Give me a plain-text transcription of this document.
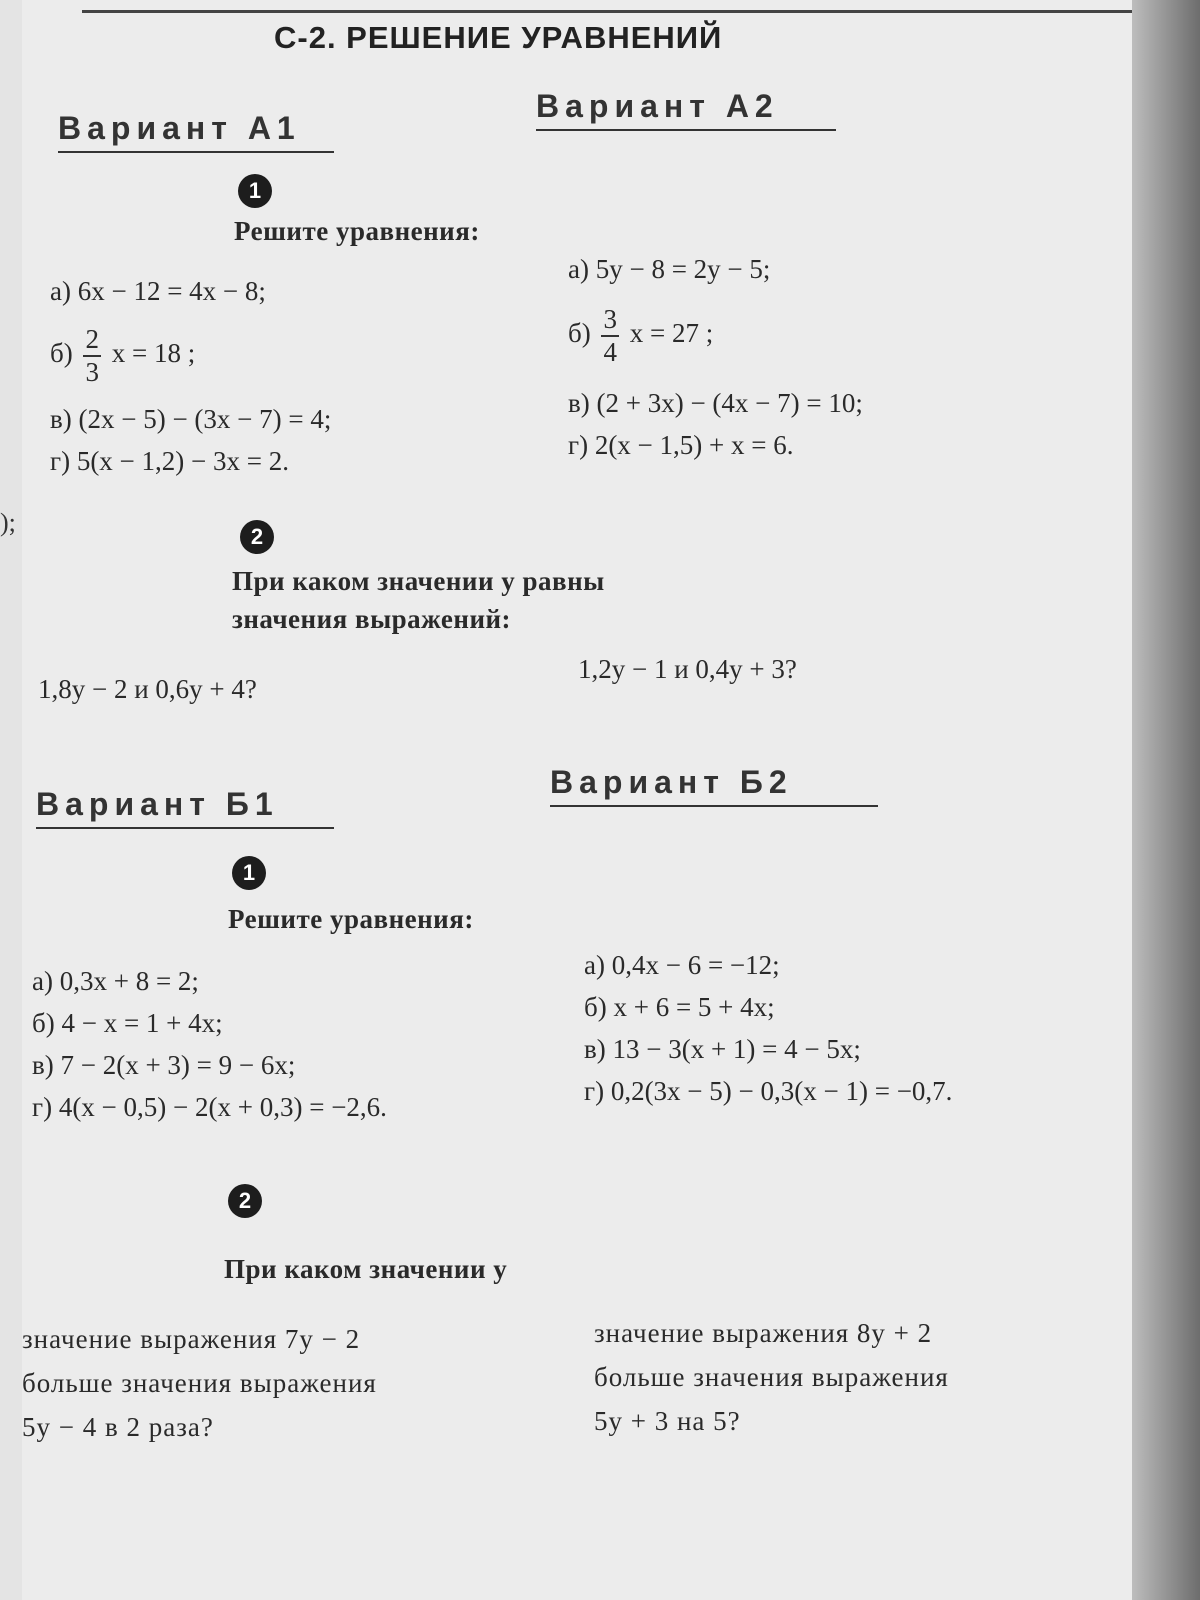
);
С-2. РЕШЕНИЕ УРАВНЕНИЙ
Вариант А1
1
Решите уравнения:
а) 6x − 12 = 4x − 8;
$б) \frac{2}{3}$ x = 18 ;
в) (2x − 5) − (3x − 7) = 4;
г) 5(x − 1,2) − 3x = 2.
Вариант А2
а) 5y − 8 = 2y − 5;
$б) \frac{3}{4}$ x = 27 ;
в) (2 + 3x) − (4x − 7) = 10;
г) 2(x − 1,5) + x = 6.
2
При каком значении y равны
значения выражений:
1,8y − 2 и 0,6y + 4?
1,2y − 1 и 0,4y + 3?
Вариант Б1
1
Решите уравнения:
а) 0,3x + 8 = 2;
б) 4 − x = 1 + 4x;
в) 7 − 2(x + 3) = 9 − 6x;
г) 4(x − 0,5) − 2(x + 0,3) = −2,6.
Вариант Б2
а) 0,4x − 6 = −12;
б) x + 6 = 5 + 4x;
в) 13 − 3(x + 1) = 4 − 5x;
г) 0,2(3x − 5) − 0,3(x − 1) = −0,7.
2
При каком значении y
значение выражения 7y − 2
больше значения выражения
5y − 4 в 2 раза?
значение выражения 8y + 2
больше значения выражения
5y + 3 на 5?
